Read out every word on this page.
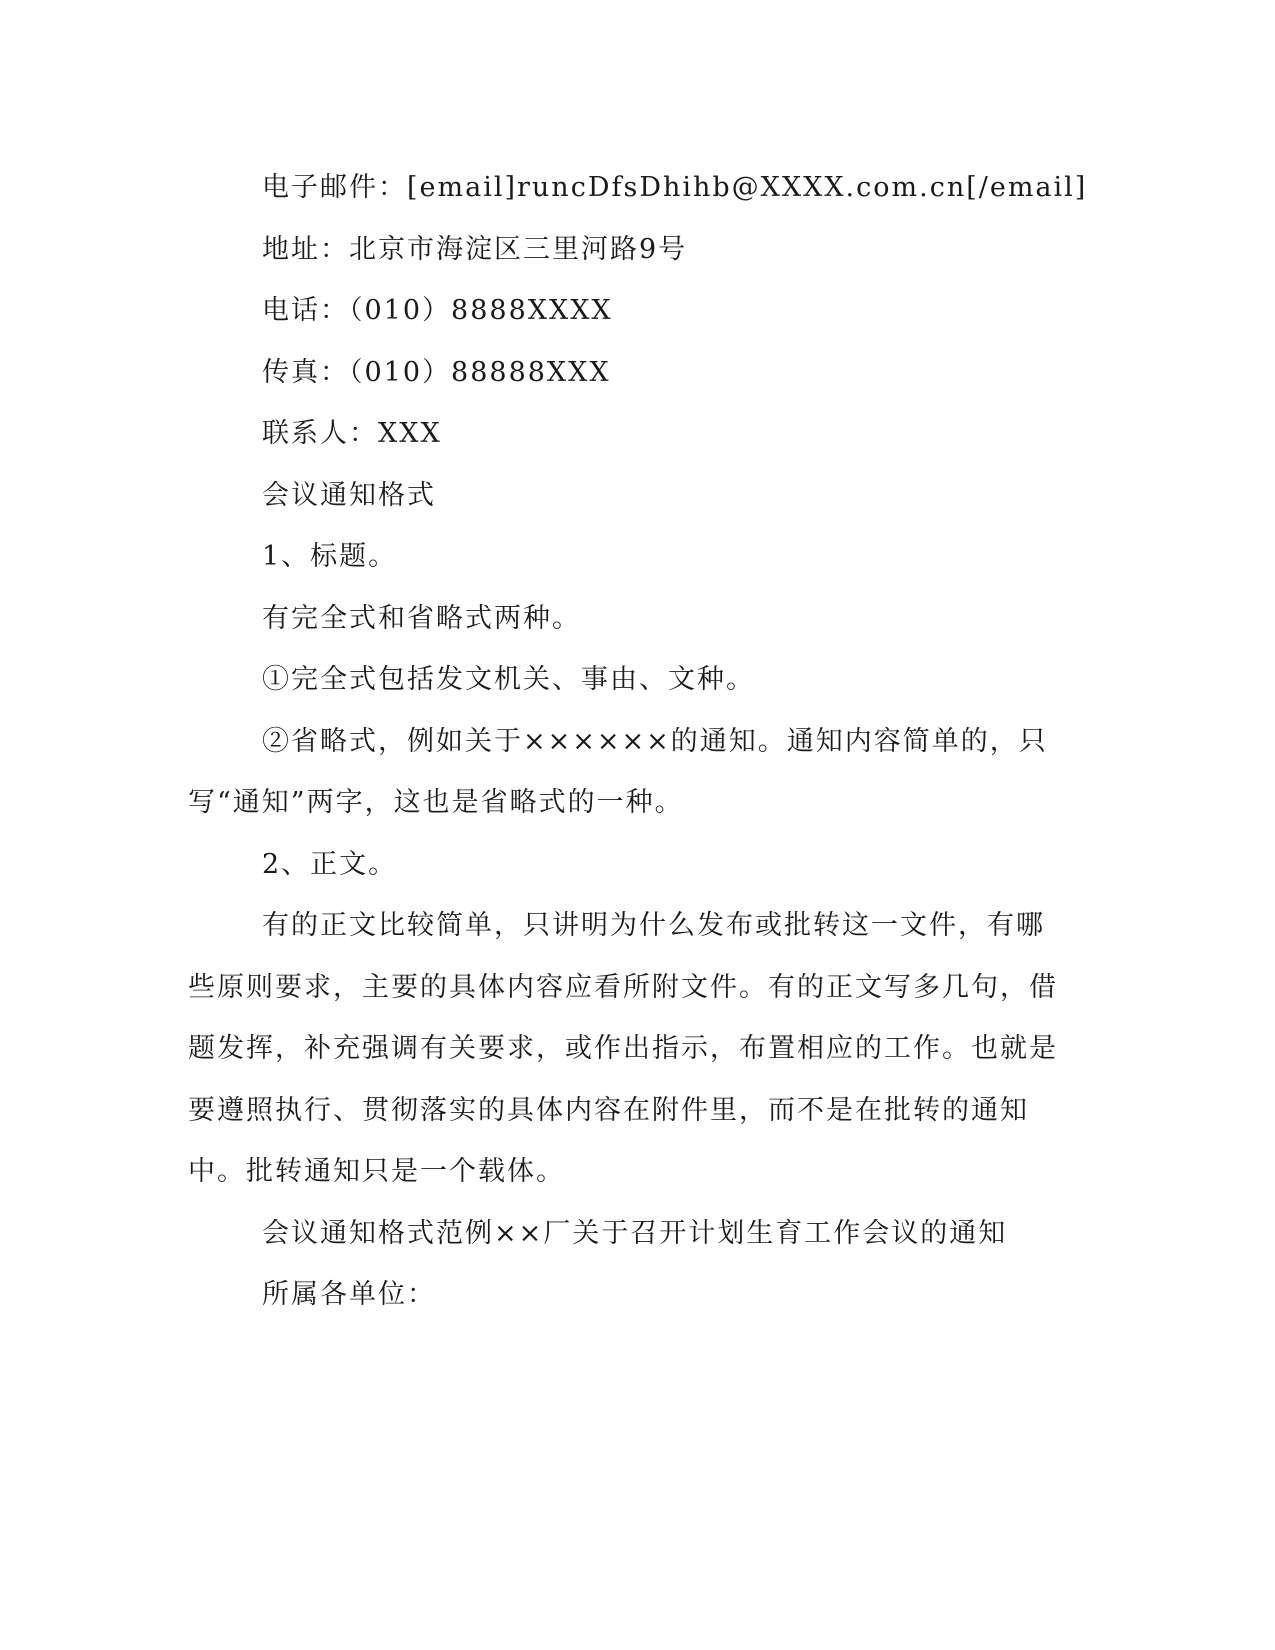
电子邮件：[email]runcDfsDhihb@XXXX.com.cn[/email]

地址：北京市海淀区三里河路9号

电话：（010）8888XXXX

传真：（010）88888XXX

联系人：XXX

会议通知格式

1、标题。

有完全式和省略式两种。

①完全式包括发文机关、事由、文种。

②省略式，例如关于××××××的通知。通知内容简单的，只写“通知”两字，这也是省略式的一种。

2、正文。

有的正文比较简单，只讲明为什么发布或批转这一文件，有哪些原则要求，主要的具体内容应看所附文件。有的正文写多几句，借题发挥，补充强调有关要求，或作出指示，布置相应的工作。也就是要遵照执行、贯彻落实的具体内容在附件里，而不是在批转的通知中。批转通知只是一个载体。

会议通知格式范例××厂关于召开计划生育工作会议的通知

所属各单位：
